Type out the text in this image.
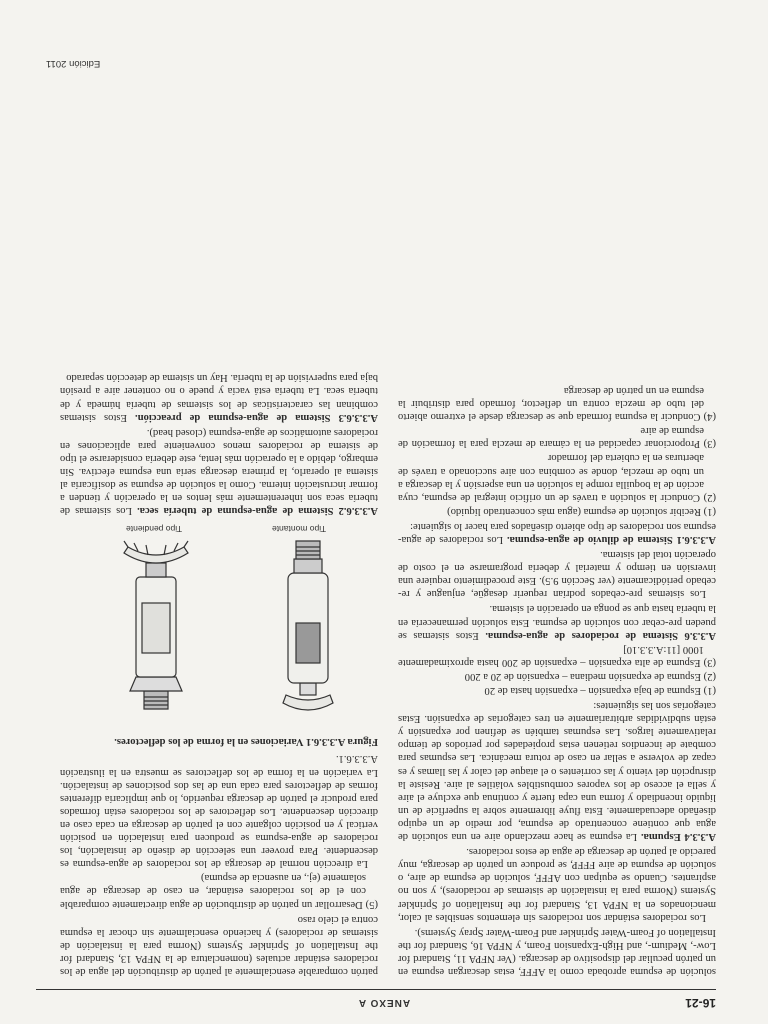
16-21
ANEXO A

solución de espuma aprobada como la AFFF, estas descargan espuma en un patrón peculiar del dispositivo de descarga. (Ver NFPA 11, Standard for Low-, Medium-, and High-Expansion Foam, y NFPA 16, Standard for the Installation of Foam-Water Sprinkler and Foam-Water Spray Systems).

Los rociadores estándar son rociadores sin elementos sensibles al calor, mencionados en la NFPA 13, Standard for the Installation of Sprinkler Systems (Norma para la instalación de sistemas de rociadores), y son no aspirantes. Cuando se equipan con AFFF, solución de espuma de aire, o solución de espuma de aire FFFP, se produce un patrón de descarga, muy parecido al patrón de descarga de agua de estos rociadores.

A.3.3.4 Espuma. La espuma se hace mezclando aire en una solución de agua que contiene concentrado de espuma, por medio de un equipo diseñado adecuadamente. Esta fluye libremente sobre la superficie de un líquido incendiado y forma una capa fuerte y continua que excluye el aire y sella el acceso de los vapores combustibles volátiles al aire. Resiste la disrupción del viento y las corrientes o el ataque del calor y las llamas y es capaz de volverse a sellar en caso de rotura mecánica. Las espumas para combate de incendios retienen estas propiedades por períodos de tiempo relativamente largos. Las espumas también se definen por expansión y están subdivididas arbitrariamente en tres categorías de expansión. Estas categorías son las siguientes:

(1) Espuma de baja expansión – expansión hasta de 20
(2) Espuma de expansión mediana – expansión de 20 a 200
(3) Espuma de alta expansión – expansión de 200 hasta aproximadamente 1000 [11:A.3.3.10]

A.3.3.6 Sistema de rociadores de agua-espuma. Estos sistemas se pueden pre-cebar con solución de espuma. Esta solución permanecería en la tubería hasta que se ponga en operación el sistema.

Los sistemas pre-cebados podrían requerir desagüe, enjuague y re-cebado periódicamente (ver Sección 9.5). Este procedimiento requiere una inversión en tiempo y material y debería programarse en el costo de operación total del sistema.

A.3.3.6.1 Sistema de diluvio de agua-espuma. Los rociadores de agua-espuma son rociadores de tipo abierto diseñados para hacer lo siguiente:

(1) Recibir solución de espuma (agua más concentrado líquido)
(2) Conducir la solución a través de un orificio integral de espuma, cuya acción de la boquilla rompe la solución en una aspersión y la descarga a un tubo de mezcla, donde se combina con aire succionado a través de aberturas en la cubierta del formador
(3) Proporcionar capacidad en la cámara de mezcla para la formación de espuma de aire
(4) Conducir la espuma formada que se descarga desde el extremo abierto del tubo de mezcla contra un deflector, formado para distribuir la espuma en un patrón de descarga

patrón comparable esencialmente al patrón de distribución del agua de los rociadores estándar actuales (nomenclatura de la NFPA 13, Standard for the Installation of Sprinkler Systems (Norma para la instalación de sistemas de rociadores) y haciendo esencialmente sin chocar la espuma contra el cielo raso

(5) Desarrollar un patrón de distribución de agua directamente comparable con el de los rociadores estándar, en caso de descarga de agua solamente (ej., en ausencia de espuma)

La dirección normal de descarga de los rociadores de agua-espuma es descendente. Para proveer una selección de diseño de instalación, los rociadores de agua-espuma se producen para instalación en posición vertical y en posición colgante con el patrón de descarga en cada caso en dirección descendente. Los deflectores de los rociadores están formados para producir el patrón de descarga requerido, lo que implicaría diferentes formas de deflectores para cada una de las dos posiciones de instalación. La variación en la forma de los deflectores se muestra en la ilustración A.3.3.6.1.

Figura A.3.3.6.1 Variaciones en la forma de los deflectores.
Tipo montante
Tipo pendiente

A.3.3.6.2 Sistema de agua-espuma de tubería seca. Los sistemas de tubería seca son inherentemente más lentos en la operación y tienden a formar incrustación interna. Como la solución de espuma se dosificaría al sistema al operarlo, la primera descarga sería una espuma efectiva. Sin embargo, debido a la operación más lenta, este debería considerarse el tipo de sistema de rociadores menos conveniente para aplicaciones en rociadores automáticos de agua-espuma (closed head).

A.3.3.6.3 Sistema de agua-espuma de preacción. Estos sistemas combinan las características de los sistemas de tubería húmeda y de tubería seca. La tubería está vacía y puede o no contener aire a presión baja para supervisión de la tubería. Hay un sistema de detección separado

Edición 2011
